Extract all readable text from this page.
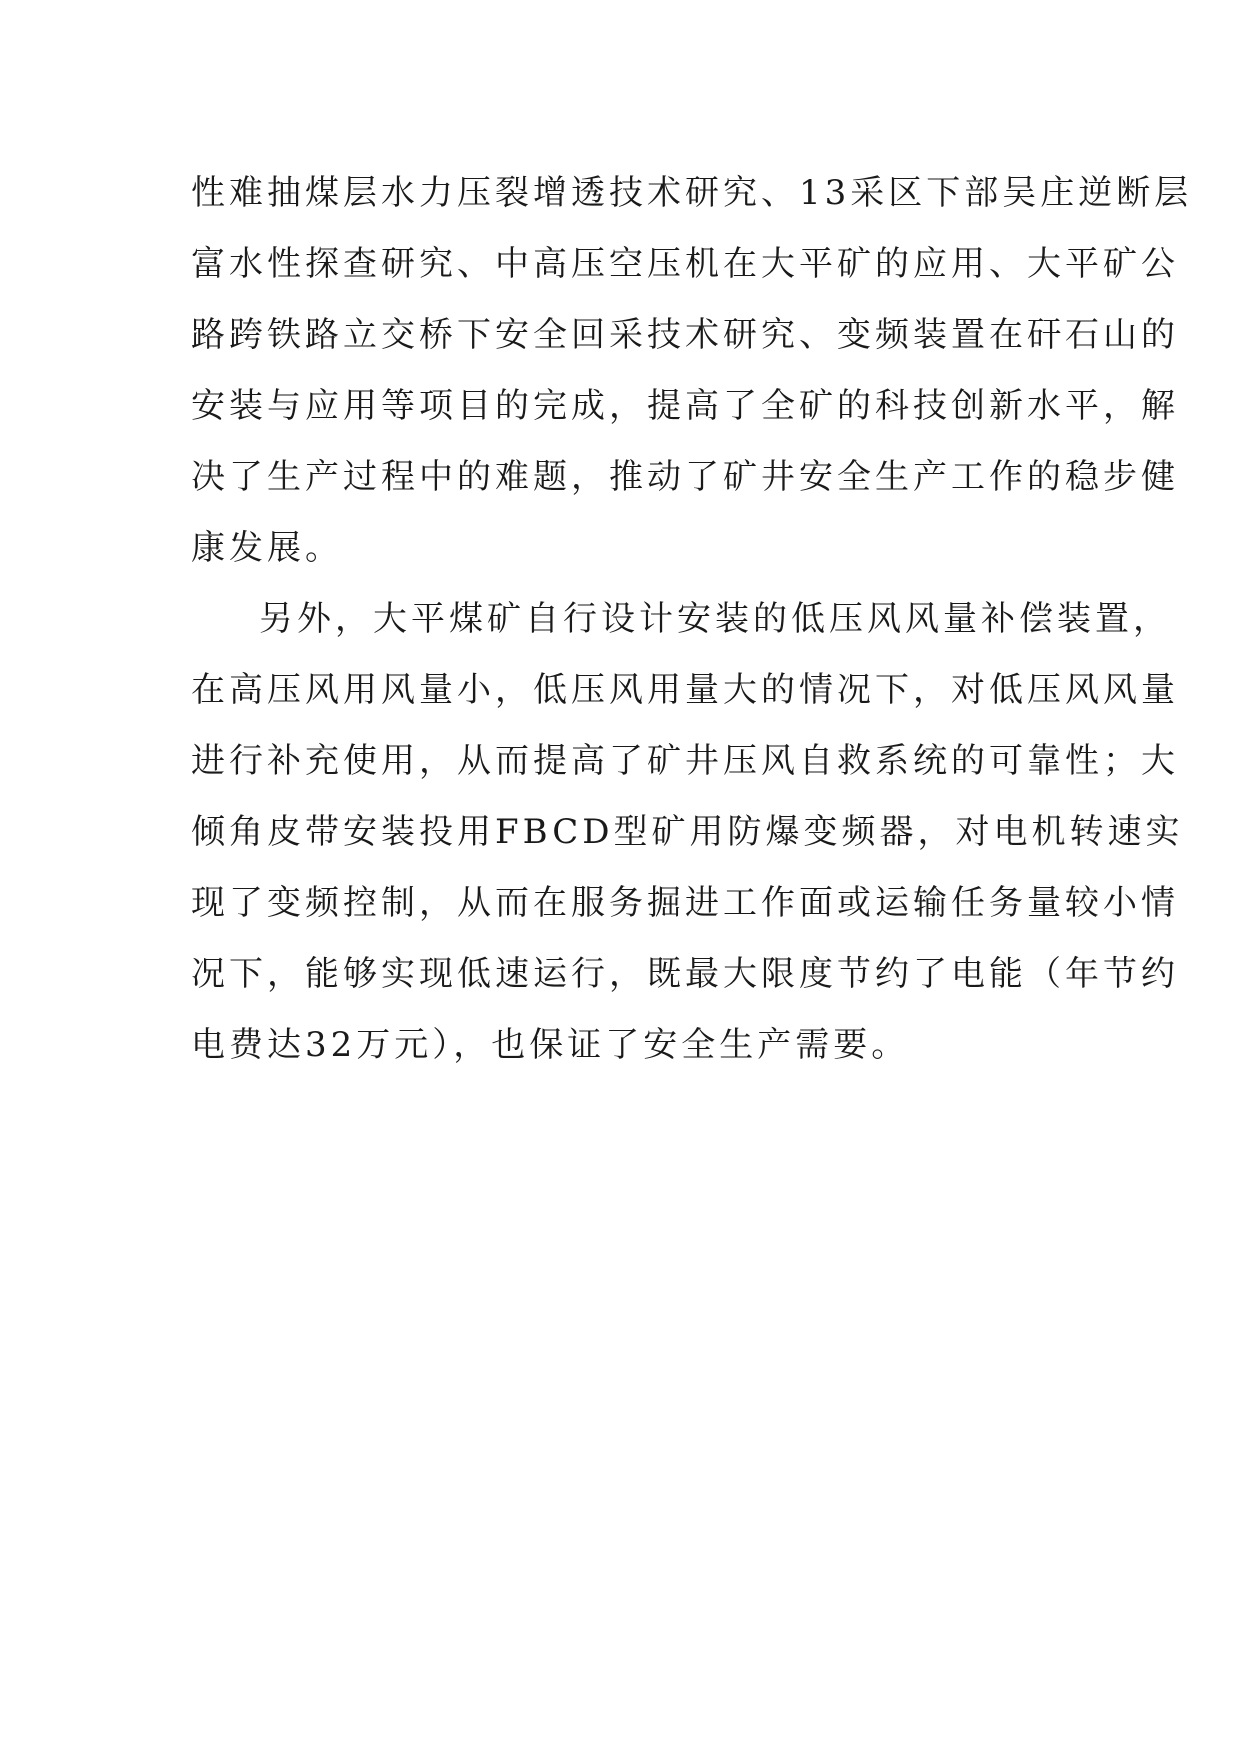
性难抽煤层水力压裂增透技术研究、13采区下部吴庄逆断层
富水性探查研究、中高压空压机在大平矿的应用、大平矿公
路跨铁路立交桥下安全回采技术研究、变频装置在矸石山的
安装与应用等项目的完成，提高了全矿的科技创新水平，解
决了生产过程中的难题，推动了矿井安全生产工作的稳步健
康发展。
另外，大平煤矿自行设计安装的低压风风量补偿装置，
在高压风用风量小，低压风用量大的情况下，对低压风风量
进行补充使用，从而提高了矿井压风自救系统的可靠性；大
倾角皮带安装投用FBCD型矿用防爆变频器，对电机转速实
现了变频控制，从而在服务掘进工作面或运输任务量较小情
况下，能够实现低速运行，既最大限度节约了电能（年节约
电费达32万元），也保证了安全生产需要。
